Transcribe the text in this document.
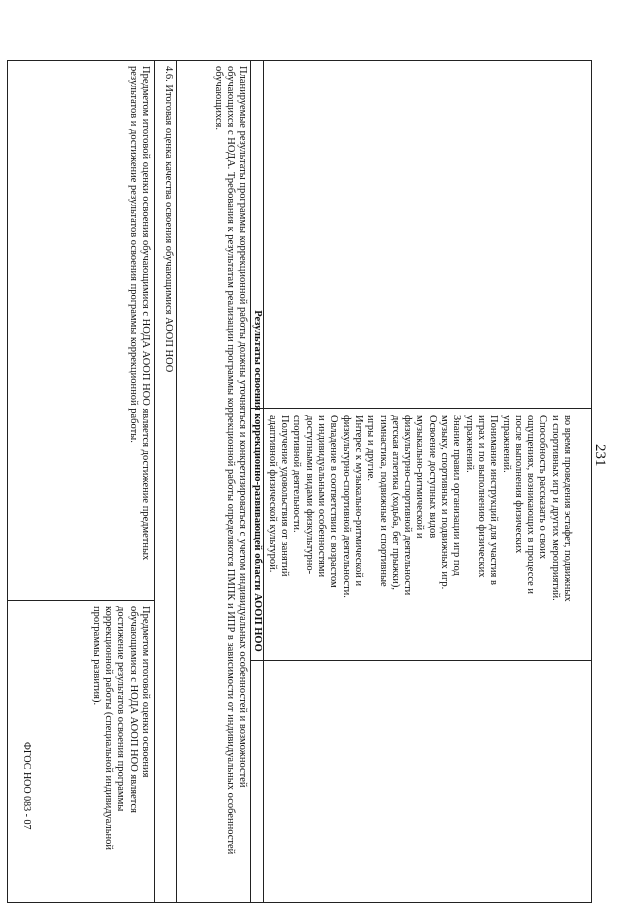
231
ФГОС НОО 083 - 07
во время проведения эстафет, подвижных
и спортивных игр и других мероприятий.
Способность рассказать о своих
ощущениях, возникающих в процессе и
после выполнения физических
упражнений.
Понимание инструкций для участия в
играх и по выполнению физических
упражнений.
Знание правил организации игр под
музыку, спортивных и подвижных игр.
Освоение доступных видов
музыкально-ритмической и
физкультурно-спортивной деятельности
детская атлетика (ходьба, бег прыжки),
гимнастика, подвижные и спортивные
игры и другие.
Интерес к музыкально-ритмической и
физкультурно-спортивной деятельности.
Овладение в соответствии с возрастом
и индивидуальными особенностями
доступными видами физкультурно-
спортивной деятельности.
Получение удовольствия от занятий
адаптивной физической культурой.
Результаты освоения коррекционно-развивающей области АООП НОО
Планируемые результаты программы коррекционной работы должны уточняться и конкретизироваться с учетом индивидуальных особенностей и возможностей
обучающихся с НОДА. Требования к результатам реализации программы коррекционной работы определяются ПМПК и ИПР в зависимости от индивидуальных особенностей
обучающихся.
4.6. Итоговая оценка качества освоения обучающимися АООП НОО
Предметом итоговой оценки освоения обучающимися с НОДА АООП НОО является достижение предметных
результатов и достижение результатов освоения программы коррекционной работы.
Предметом итоговой оценки освоения
обучающимися с НОДА АООП НОО является
достижение результатов освоения программы
коррекционной работы (специальной индивидуальной
программы развития).
